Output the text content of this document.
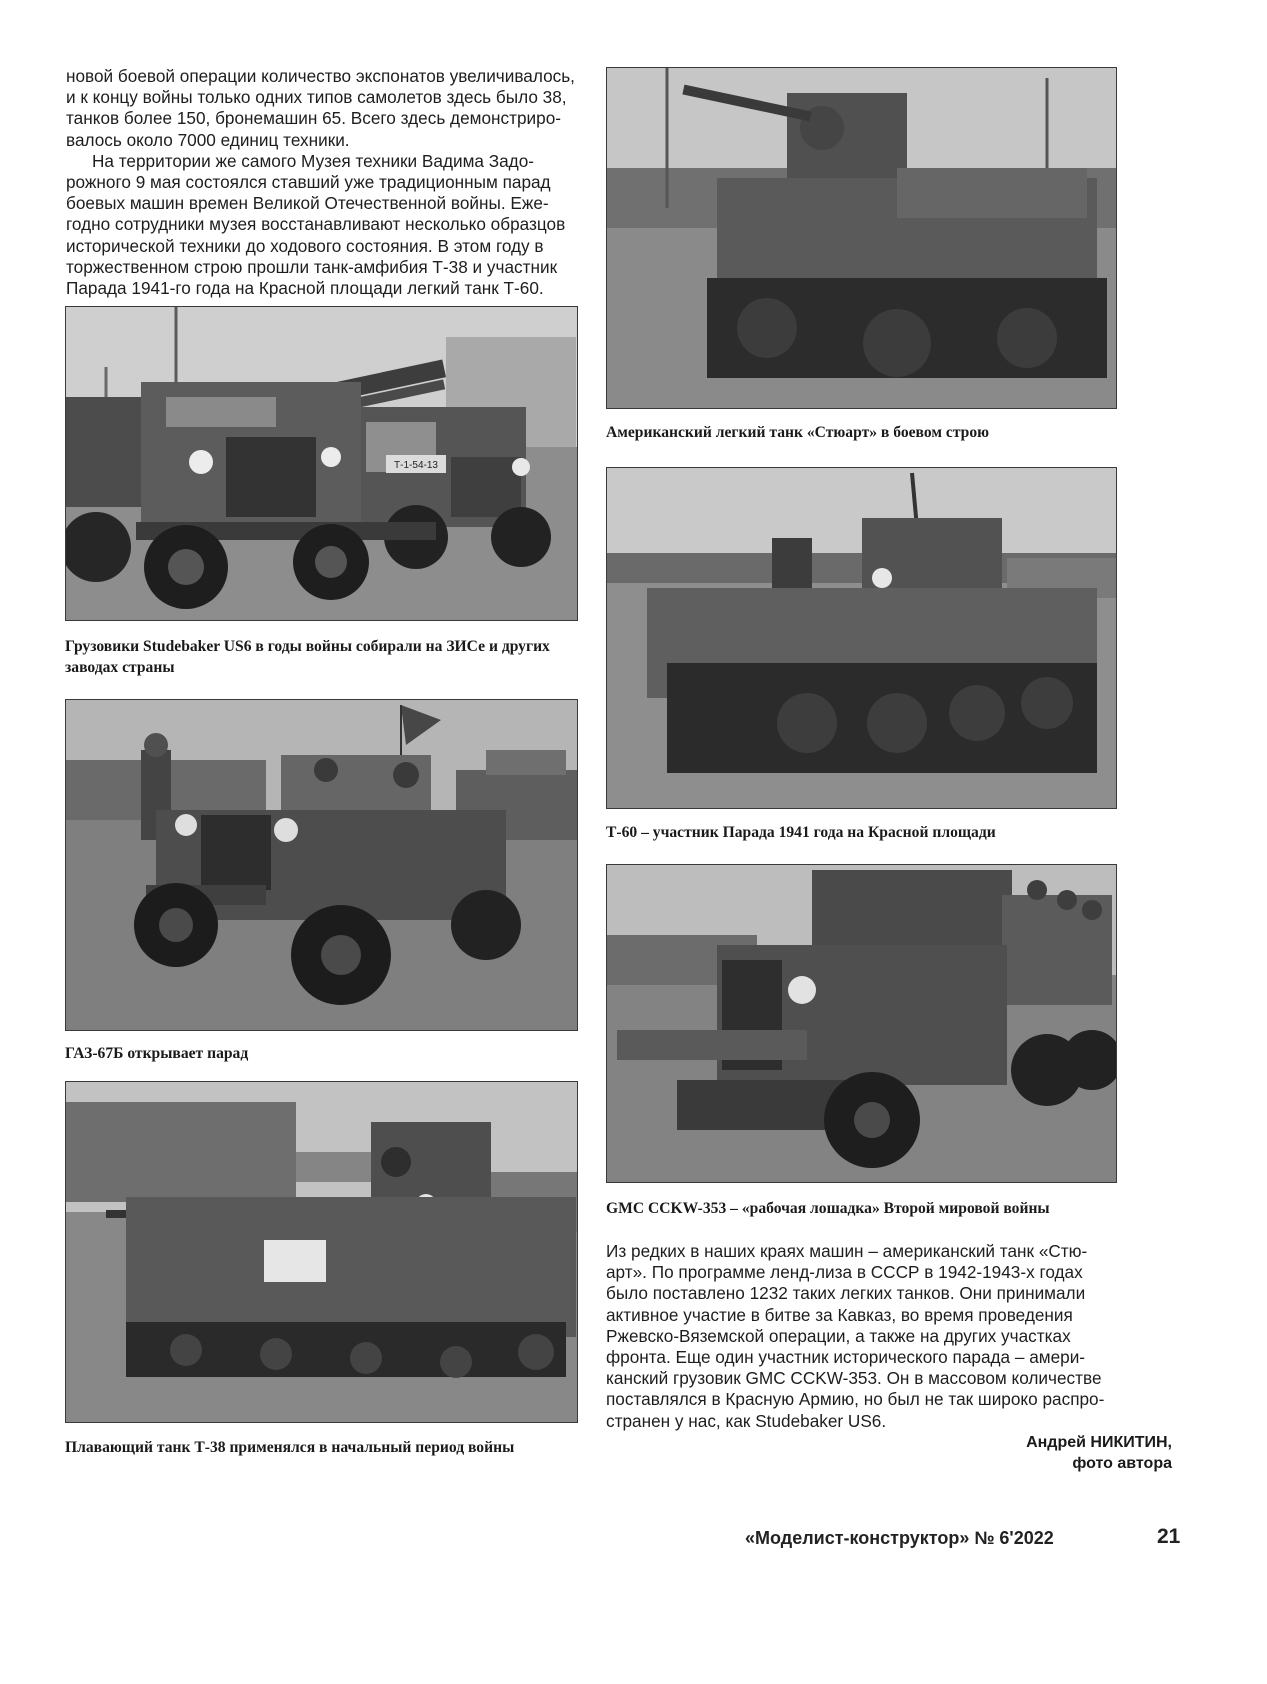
новой боевой операции количество экспонатов увеличивалось,
и к концу войны только одних типов самолетов здесь было 38,
танков более 150, бронемашин 65. Всего здесь демонстриро-
валось около 7000 единиц техники.
На территории же самого Музея техники Вадима Задо-
рожного 9 мая состоялся ставший уже традиционным парад
боевых машин времен Великой Отечественной войны. Еже-
годно сотрудники музея восстанавливают несколько образцов
исторической техники до ходового состояния. В этом году в
торжественном строю прошли танк-амфибия Т-38 и участник
Парада 1941-го года на Красной площади легкий танк Т-60.
Т-1-54-13
Грузовики Studebaker US6 в годы войны собирали на ЗИСе и других
заводах страны
ГАЗ-67Б открывает парад
Плавающий танк Т-38 применялся в начальный период войны
Американский легкий танк «Стюарт» в боевом строю
Т-60 – участник Парада 1941 года на Красной площади
GMC CCKW-353 – «рабочая лошадка» Второй мировой войны
Из редких в наших краях машин – американский танк «Стю-
арт». По программе ленд-лиза в СССР в 1942-1943-х годах
было поставлено 1232 таких легких танков. Они принимали
активное участие в битве за Кавказ, во время проведения
Ржевско-Вяземской операции, а также на других участках
фронта. Еще один участник исторического парада – амери-
канский грузовик GMC CCKW-353. Он в массовом количестве
поставлялся в Красную Армию, но был не так широко распро-
странен у нас, как Studebaker US6.
Андрей НИКИТИН,
фото автора
«Моделист-конструктор» № 6'2022	21
